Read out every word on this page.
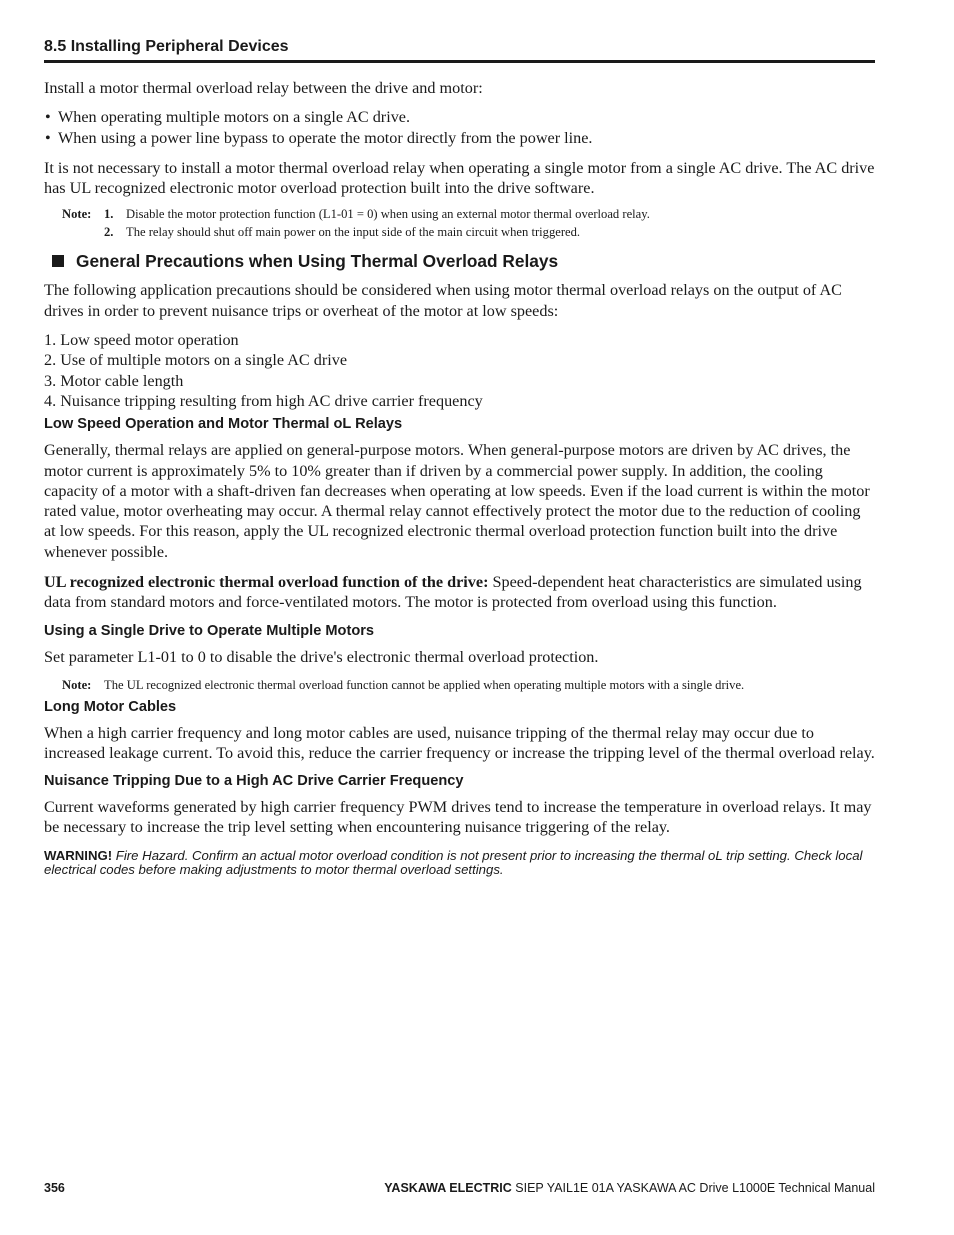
8.5 Installing Peripheral Devices

Install a motor thermal overload relay between the drive and motor:

• When operating multiple motors on a single AC drive.
• When using a power line bypass to operate the motor directly from the power line.

It is not necessary to install a motor thermal overload relay when operating a single motor from a single AC drive. The AC drive has UL recognized electronic motor overload protection built into the drive software.

Note:	1. Disable the motor protection function (L1-01 = 0) when using an external motor thermal overload relay.
2. The relay should shut off main power on the input side of the main circuit when triggered.
General Precautions when Using Thermal Overload Relays

The following application precautions should be considered when using motor thermal overload relays on the output of AC drives in order to prevent nuisance trips or overheat of the motor at low speeds:

1. Low speed motor operation
2. Use of multiple motors on a single AC drive
3. Motor cable length
4. Nuisance tripping resulting from high AC drive carrier frequency
Low Speed Operation and Motor Thermal oL Relays

Generally, thermal relays are applied on general-purpose motors. When general-purpose motors are driven by AC drives, the motor current is approximately 5% to 10% greater than if driven by a commercial power supply. In addition, the cooling capacity of a motor with a shaft-driven fan decreases when operating at low speeds. Even if the load current is within the motor rated value, motor overheating may occur. A thermal relay cannot effectively protect the motor due to the reduction of cooling at low speeds. For this reason, apply the UL recognized electronic thermal overload protection function built into the drive whenever possible.

UL recognized electronic thermal overload function of the drive: Speed-dependent heat characteristics are simulated using data from standard motors and force-ventilated motors. The motor is protected from overload using this function.

Using a Single Drive to Operate Multiple Motors

Set parameter L1-01 to 0 to disable the drive's electronic thermal overload protection.

Note:	The UL recognized electronic thermal overload function cannot be applied when operating multiple motors with a single drive.
Long Motor Cables

When a high carrier frequency and long motor cables are used, nuisance tripping of the thermal relay may occur due to increased leakage current. To avoid this, reduce the carrier frequency or increase the tripping level of the thermal overload relay.

Nuisance Tripping Due to a High AC Drive Carrier Frequency

Current waveforms generated by high carrier frequency PWM drives tend to increase the temperature in overload relays. It may be necessary to increase the trip level setting when encountering nuisance triggering of the relay.

WARNING! Fire Hazard. Confirm an actual motor overload condition is not present prior to increasing the thermal oL trip setting. Check local electrical codes before making adjustments to motor thermal overload settings.
356	YASKAWA ELECTRIC SIEP YAIL1E 01A YASKAWA AC Drive L1000E Technical Manual
